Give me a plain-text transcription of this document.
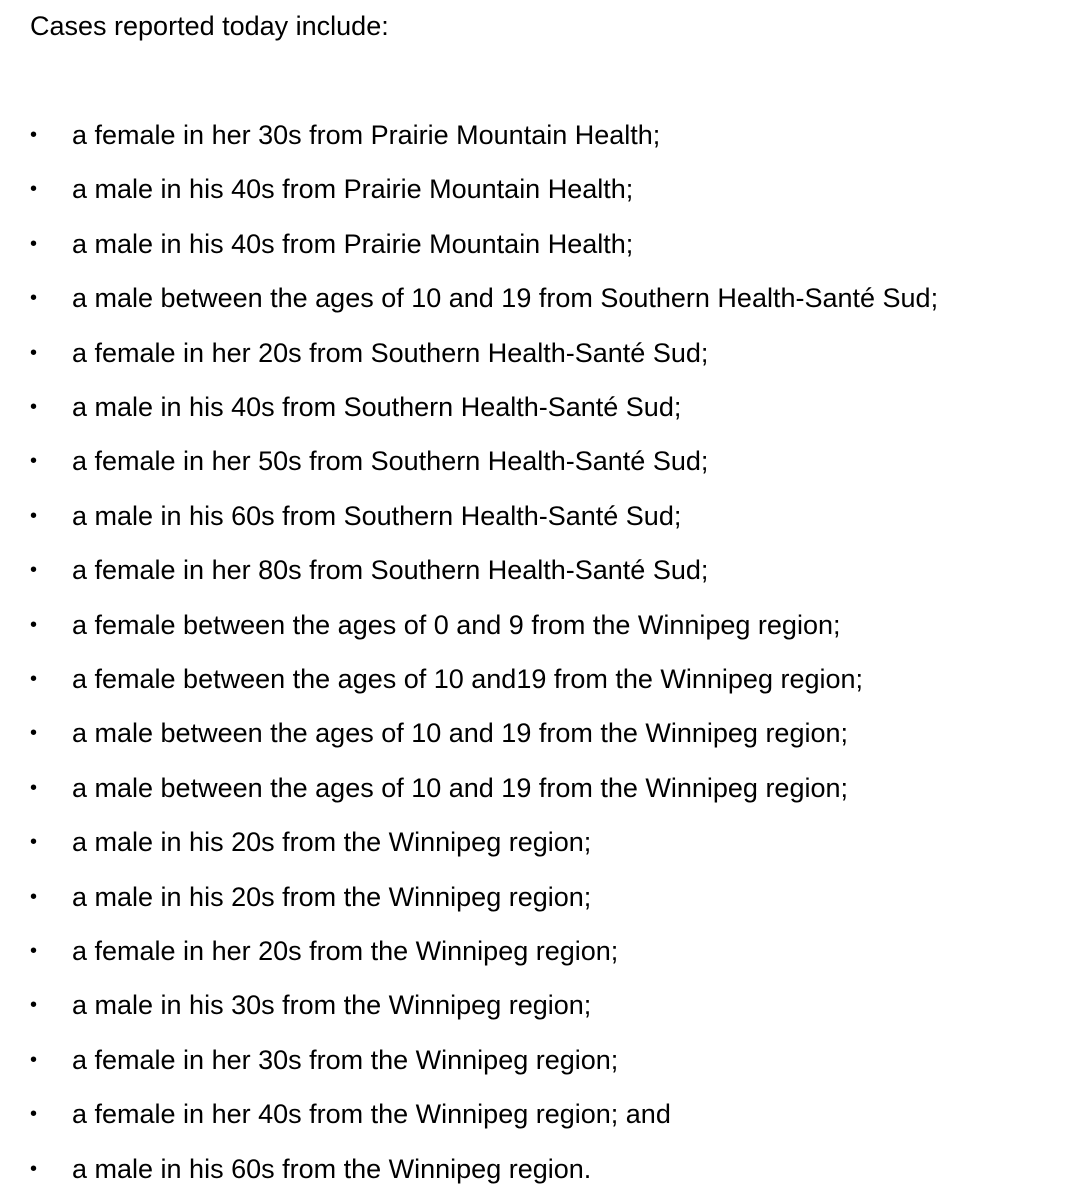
Cases reported today include:
• a female in her 30s from Prairie Mountain Health;
• a male in his 40s from Prairie Mountain Health;
• a male in his 40s from Prairie Mountain Health;
• a male between the ages of 10 and 19 from Southern Health-Santé Sud;
• a female in her 20s from Southern Health-Santé Sud;
• a male in his 40s from Southern Health-Santé Sud;
• a female in her 50s from Southern Health-Santé Sud;
• a male in his 60s from Southern Health-Santé Sud;
• a female in her 80s from Southern Health-Santé Sud;
• a female between the ages of 0 and 9 from the Winnipeg region;
• a female between the ages of 10 and19 from the Winnipeg region;
• a male between the ages of 10 and 19 from the Winnipeg region;
• a male between the ages of 10 and 19 from the Winnipeg region;
• a male in his 20s from the Winnipeg region;
• a male in his 20s from the Winnipeg region;
• a female in her 20s from the Winnipeg region;
• a male in his 30s from the Winnipeg region;
• a female in her 30s from the Winnipeg region;
• a female in her 40s from the Winnipeg region; and
• a male in his 60s from the Winnipeg region.
